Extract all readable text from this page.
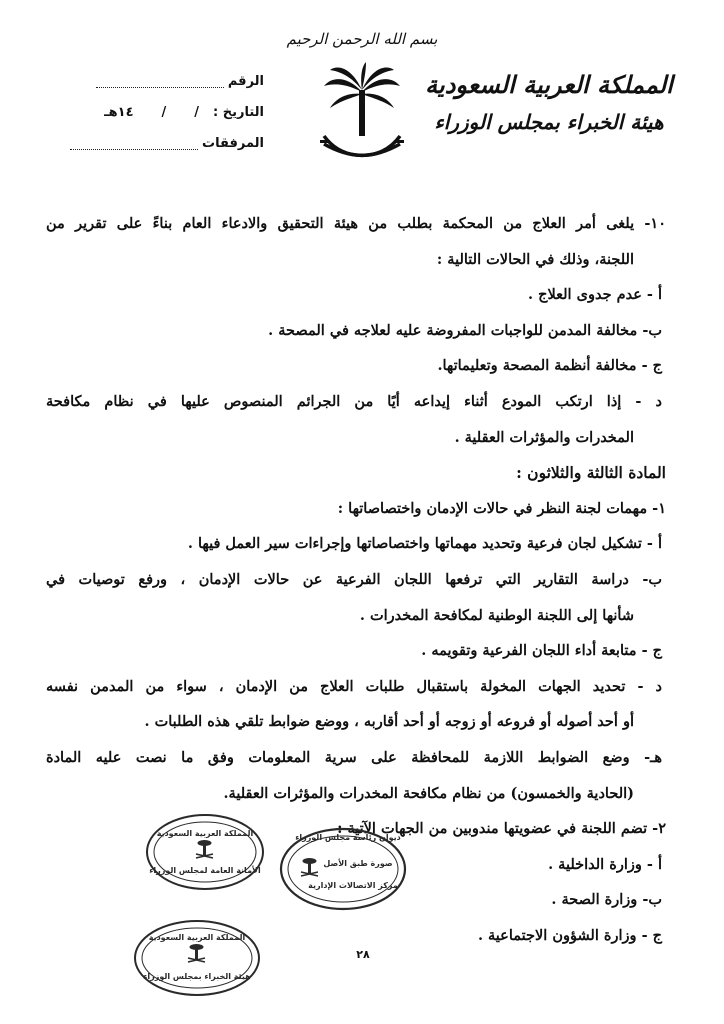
بسم الله الرحمن الرحيم
المملكة العربية السعودية
هيئة الخبراء بمجلس الوزراء
الرقم
التاريخ :
/
/
١٤هـ
المرفقات
١٠- يلغى أمر العلاج من المحكمة بطلب من هيئة التحقيق والادعاء العام بناءً على تقرير من
اللجنة، وذلك في الحالات التالية :
أ - عدم جدوى العلاج .
ب- مخالفة المدمن للواجبات المفروضة عليه لعلاجه في المصحة .
ج - مخالفة أنظمة المصحة وتعليماتها.
د - إذا ارتكب المودع أثناء إيداعه أيًا من الجرائم المنصوص عليها في نظام مكافحة
المخدرات والمؤثرات العقلية .
المادة الثالثة والثلاثون :
١- مهمات لجنة النظر في حالات الإدمان واختصاصاتها :
أ - تشكيل لجان فرعية وتحديد مهماتها واختصاصاتها وإجراءات سير العمل فيها .
ب- دراسة التقارير التي ترفعها اللجان الفرعية عن حالات الإدمان ، ورفع توصيات في
شأنها إلى اللجنة الوطنية لمكافحة المخدرات .
ج - متابعة أداء اللجان الفرعية وتقويمه .
د - تحديد الجهات المخولة باستقبال طلبات العلاج من الإدمان ، سواء من المدمن نفسه
أو أحد أصوله أو فروعه أو زوجه أو أحد أقاربه ، ووضع ضوابط تلقي هذه الطلبات .
هـ- وضع الضوابط اللازمة للمحافظة على سرية المعلومات وفق ما نصت عليه المادة
(الحادية والخمسون) من نظام مكافحة المخدرات والمؤثرات العقلية.
٢- تضم اللجنة في عضويتها مندوبين من الجهات الآتية :
أ - وزارة الداخلية .
ب- وزارة الصحة .
ج - وزارة الشؤون الاجتماعية .
المملكة العربية السعودية
الأمانة العامة لمجلس الوزراء
ديوان رئاسة مجلس الوزراء
صورة طبق الأصل
مركز الاتصالات الإدارية
المملكة العربية السعودية
هيئة الخبراء بمجلس الوزراء
٢٨
